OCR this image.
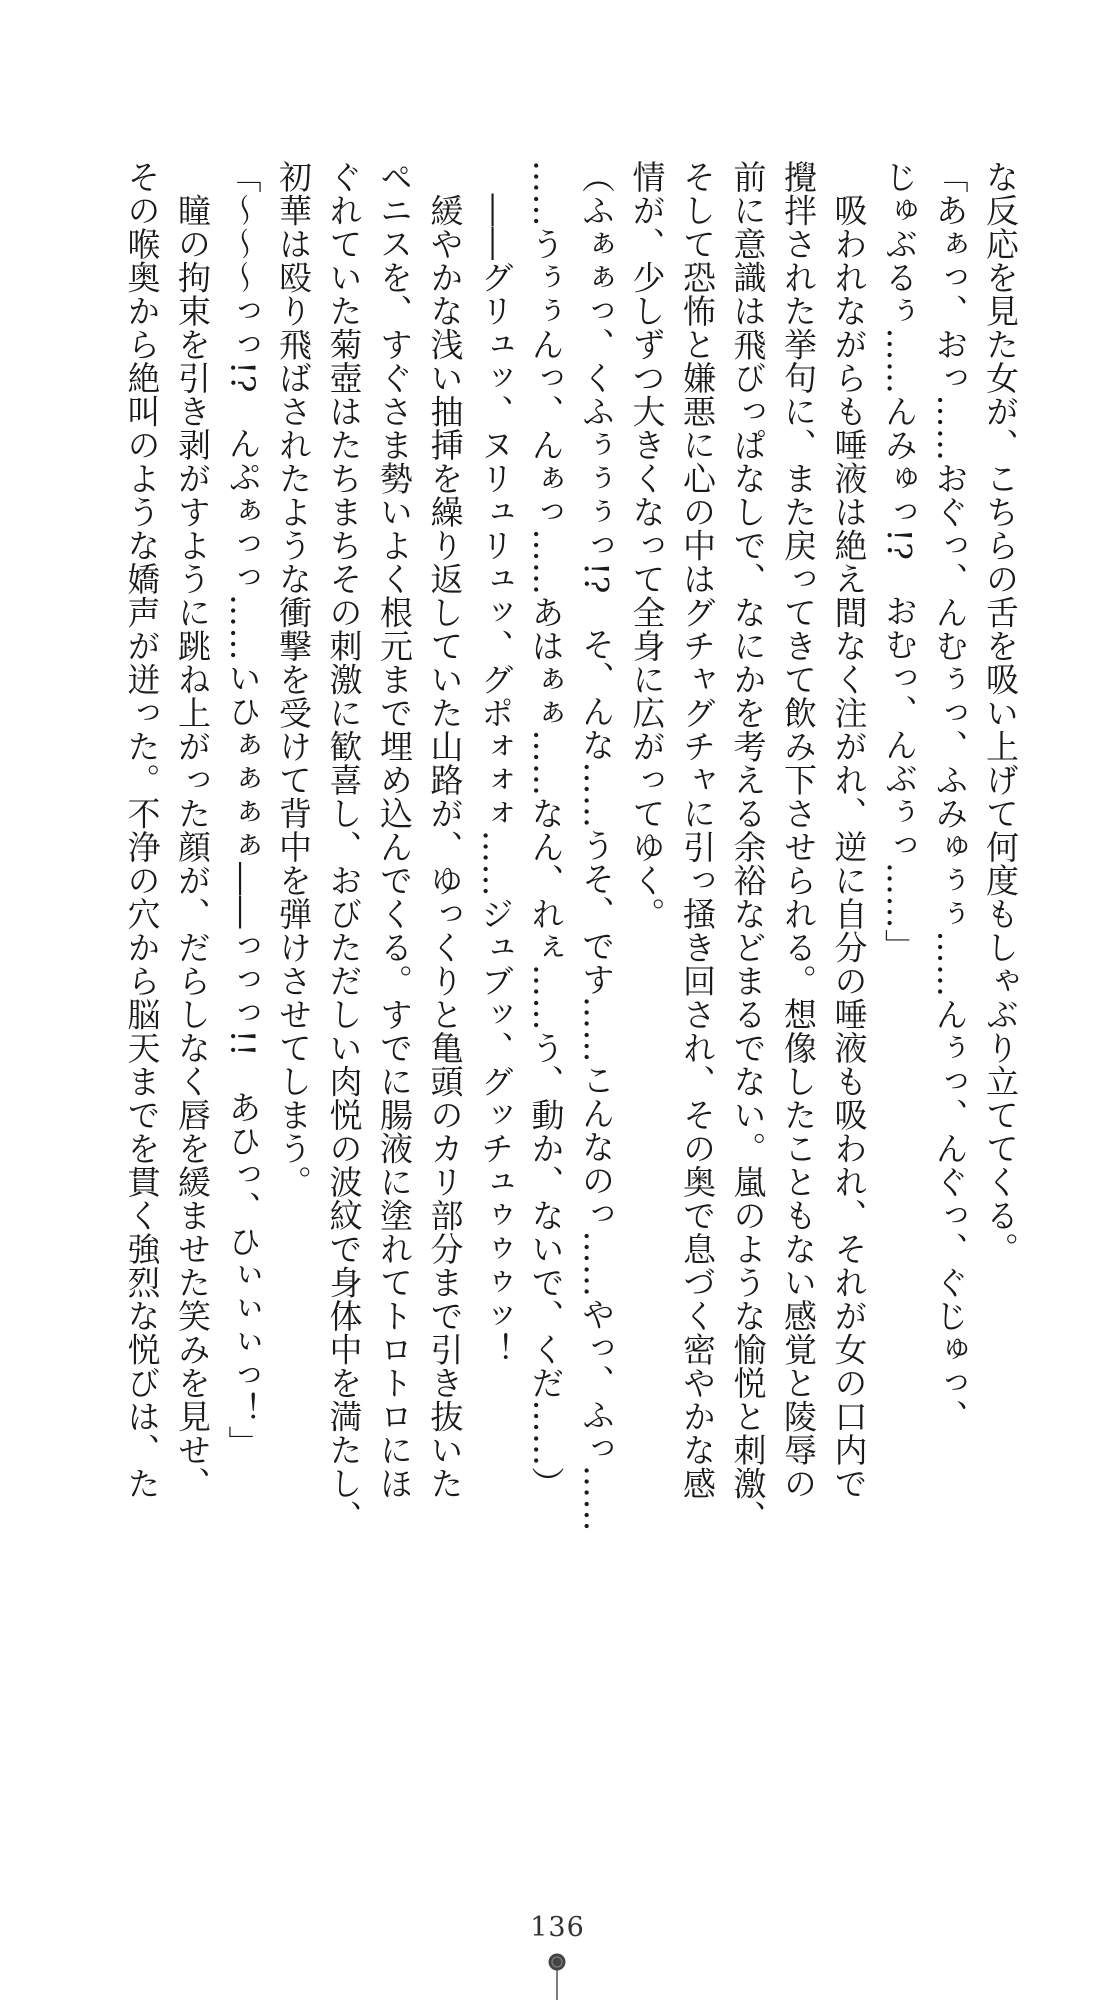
な反応を見た女が、こちらの舌を吸い上げて何度もしゃぶり立ててくる。
「あぁっ、おっ……おぐっ、んむぅっ、ふみゅぅぅ……んぅっ、んぐっ、ぐじゅっ、
じゅぶるぅ……んみゅっ!?　おむっ、んぶぅっ……」
　吸われながらも唾液は絶え間なく注がれ、逆に自分の唾液も吸われ、それが女の口内で
攪拌された挙句に、また戻ってきて飲み下させられる。想像したこともない感覚と陵辱の
前に意識は飛びっぱなしで、なにかを考える余裕などまるでない。嵐のような愉悦と刺激、
そして恐怖と嫌悪に心の中はグチャグチャに引っ掻き回され、その奥で息づく密やかな感
情が、少しずつ大きくなって全身に広がってゆく。
（ふぁぁっ、くふぅぅぅっ!?　そ、んな……うそ、です……こんなのっ……やっ、ふっ……
……うぅぅんっ、んぁっ……あはぁぁ……なん、れぇ……う、動か、ないで、くだ……）
　――グリュッ、ヌリュリュッ、グポォォォ……ジュブッ、グッチュゥゥゥッ！
　緩やかな浅い抽挿を繰り返していた山路が、ゆっくりと亀頭のカリ部分まで引き抜いた
ペニスを、すぐさま勢いよく根元まで埋め込んでくる。すでに腸液に塗れてトロトロにほ
ぐれていた菊壺はたちまちその刺激に歓喜し、おびただしい肉悦の波紋で身体中を満たし、
初華は殴り飛ばされたような衝撃を受けて背中を弾けさせてしまう。
「～～～っっ!?　んぷぁっっ……いひぁぁぁぁ――っっっ!!　あひっ、ひぃぃぃっ！」
　瞳の拘束を引き剥がすように跳ね上がった顔が、だらしなく唇を緩ませた笑みを見せ、
その喉奥から絶叫のような嬌声が迸った。不浄の穴から脳天までを貫く強烈な悦びは、た
136
